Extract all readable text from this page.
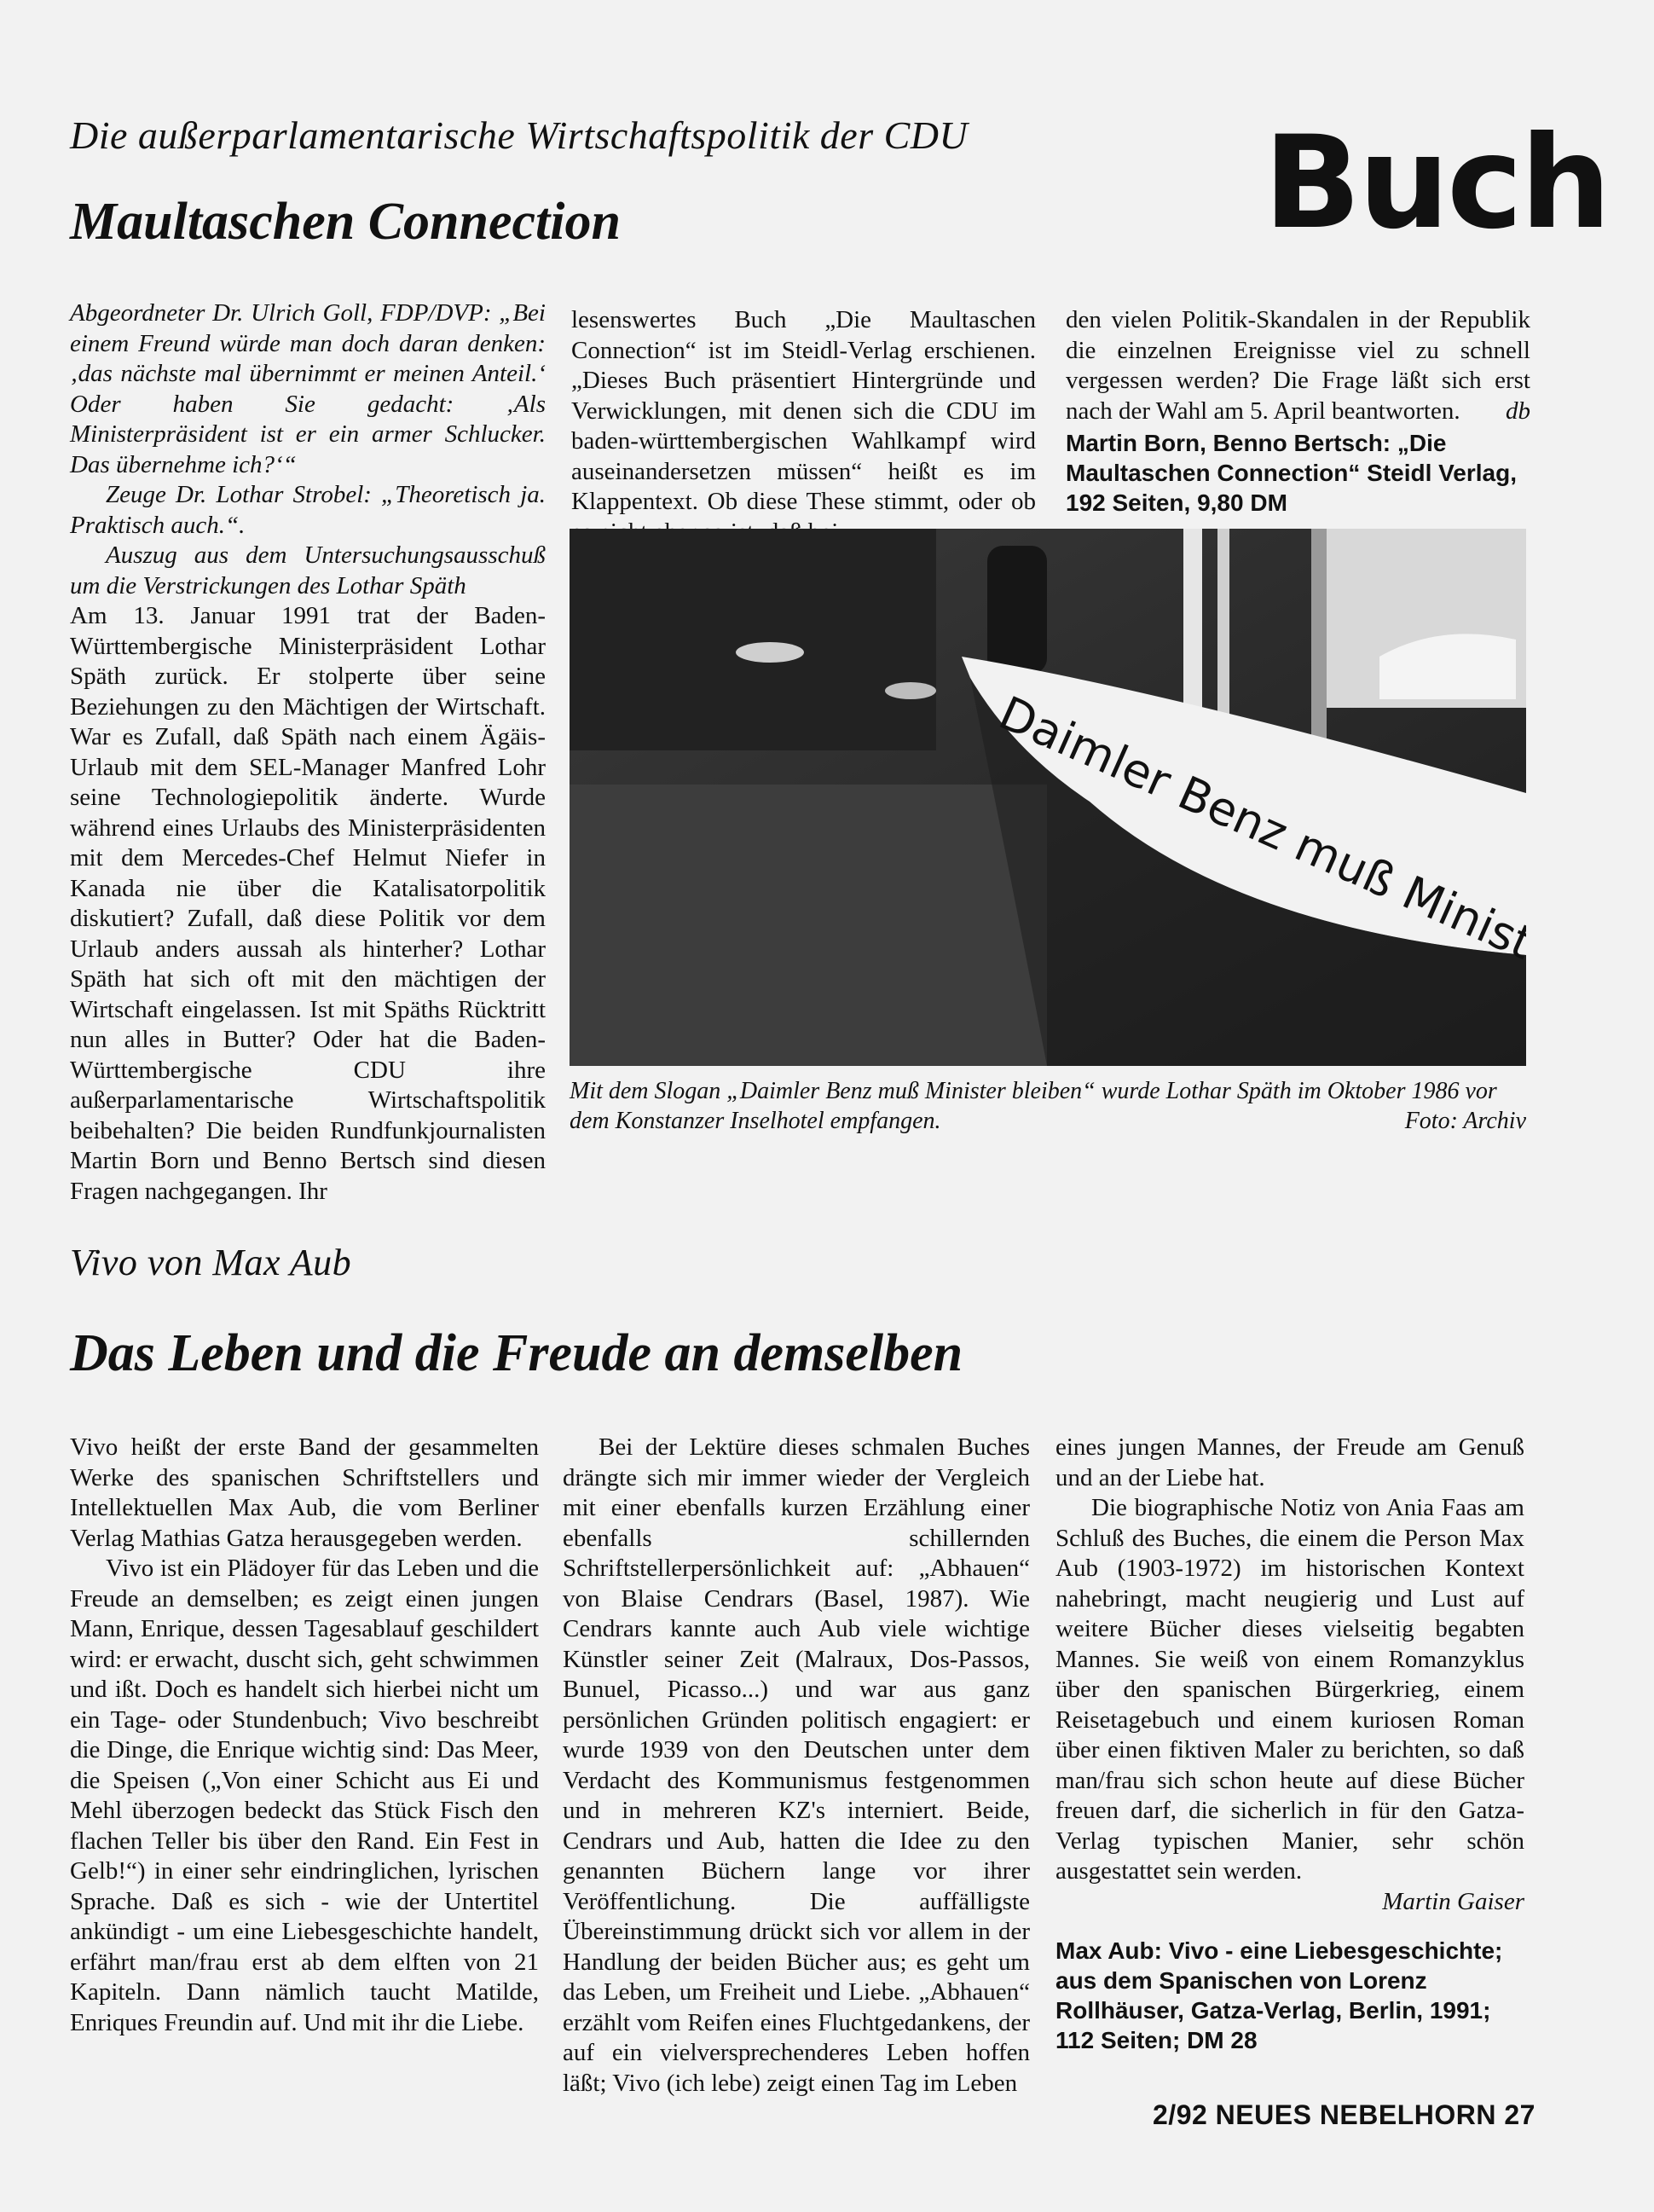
Buch
Die außerparlamentarische Wirtschaftspolitik der CDU
Maultaschen Connection

Abgeordneter Dr. Ulrich Goll, FDP/DVP: „Bei einem Freund würde man doch daran denken: ‚das nächste mal übernimmt er meinen Anteil.‘ Oder haben Sie gedacht: ‚Als Ministerpräsident ist er ein armer Schlucker. Das übernehme ich?‘“

Zeuge Dr. Lothar Strobel: „Theoretisch ja. Praktisch auch.“.

Auszug aus dem Untersuchungsausschuß um die Verstrickungen des Lothar Späth

Am 13. Januar 1991 trat der Baden-Württembergische Ministerpräsident Lothar Späth zurück. Er stolperte über seine Beziehungen zu den Mächtigen der Wirtschaft. War es Zufall, daß Späth nach einem Ägäis-Urlaub mit dem SEL-Manager Manfred Lohr seine Technologiepolitik änderte. Wurde während eines Urlaubs des Ministerpräsidenten mit dem Mercedes-Chef Helmut Niefer in Kanada nie über die Katalisatorpolitik diskutiert? Zufall, daß diese Politik vor dem Urlaub anders aussah als hinterher? Lothar Späth hat sich oft mit den mächtigen der Wirtschaft eingelassen. Ist mit Späths Rücktritt nun alles in Butter? Oder hat die Baden-Württembergische CDU ihre außerparlamentarische Wirtschaftspolitik beibehalten? Die beiden Rundfunkjournalisten Martin Born und Benno Bertsch sind diesen Fragen nachgegangen. Ihr

lesenswertes Buch „Die Maultaschen Connection“ ist im Steidl-Verlag erschienen. „Dieses Buch präsentiert Hintergründe und Verwicklungen, mit denen sich die CDU im baden-württembergischen Wahlkampf wird auseinandersetzen müssen“ heißt es im Klappentext. Ob diese These stimmt, oder ob

den vielen Politik-Skandalen in der Republik die einzelnen Ereignisse viel zu schnell vergessen werden? Die Frage läßt sich erst nach der Wahl am 5. April beantworten. db

Martin Born, Benno Bertsch: „Die Maultaschen Connection“ Steidl Verlag, 192 Seiten, 9,80 DM

Mit dem Slogan „Daimler Benz muß Minister bleiben“ wurde Lothar Späth im Oktober 1986 vor dem Konstanzer Inselhotel empfangen.	Foto: Archiv
Vivo von Max Aub
Das Leben und die Freude an demselben

Vivo heißt der erste Band der gesammelten Werke des spanischen Schriftstellers und Intellektuellen Max Aub, die vom Berliner Verlag Mathias Gatza herausgegeben werden.

Vivo ist ein Plädoyer für das Leben und die Freude an demselben; es zeigt einen jungen Mann, Enrique, dessen Tagesablauf geschildert wird: er erwacht, duscht sich, geht schwimmen und ißt. Doch es handelt sich hierbei nicht um ein Tage- oder Stundenbuch; Vivo beschreibt die Dinge, die Enrique wichtig sind: Das Meer, die Speisen („Von einer Schicht aus Ei und Mehl überzogen bedeckt das Stück Fisch den flachen Teller bis über den Rand. Ein Fest in Gelb!“) in einer sehr eindringlichen, lyrischen Sprache. Daß es sich - wie der Untertitel ankündigt - um eine Liebesgeschichte handelt, erfährt man/frau erst ab dem elften von 21 Kapiteln. Dann nämlich taucht Matilde, Enriques Freundin auf. Und mit ihr die Liebe.

Bei der Lektüre dieses schmalen Buches drängte sich mir immer wieder der Vergleich mit einer ebenfalls kurzen Erzählung einer ebenfalls schillernden Schriftstellerpersönlichkeit auf: „Abhauen“ von Blaise Cendrars (Basel, 1987). Wie Cendrars kannte auch Aub viele wichtige Künstler seiner Zeit (Malraux, Dos-Passos, Bunuel, Picasso...) und war aus ganz persönlichen Gründen politisch engagiert: er wurde 1939 von den Deutschen unter dem Verdacht des Kommunismus festgenommen und in mehreren KZ's interniert. Beide, Cendrars und Aub, hatten die Idee zu den genannten Büchern lange vor ihrer Veröffentlichung. Die auffälligste Übereinstimmung drückt sich vor allem in der Handlung der beiden Bücher aus; es geht um das Leben, um Freiheit und Liebe. „Abhauen“ erzählt vom Reifen eines Fluchtgedankens, der auf ein vielversprechenderes Leben hoffen läßt; Vivo (ich lebe) zeigt einen Tag im Leben

eines jungen Mannes, der Freude am Genuß und an der Liebe hat.

Die biographische Notiz von Ania Faas am Schluß des Buches, die einem die Person Max Aub (1903-1972) im historischen Kontext nahebringt, macht neugierig und Lust auf weitere Bücher dieses vielseitig begabten Mannes. Sie weiß von einem Romanzyklus über den spanischen Bürgerkrieg, einem Reisetagebuch und einem kuriosen Roman über einen fiktiven Maler zu berichten, so daß man/frau sich schon heute auf diese Bücher freuen darf, die sicherlich in für den Gatza-Verlag typischen Manier, sehr schön ausgestattet sein werden.

Martin Gaiser

Max Aub: Vivo - eine Liebesgeschichte; aus dem Spanischen von Lorenz Rollhäuser, Gatza-Verlag, Berlin, 1991; 112 Seiten; DM 28

2/92 NEUES NEBELHORN 27
